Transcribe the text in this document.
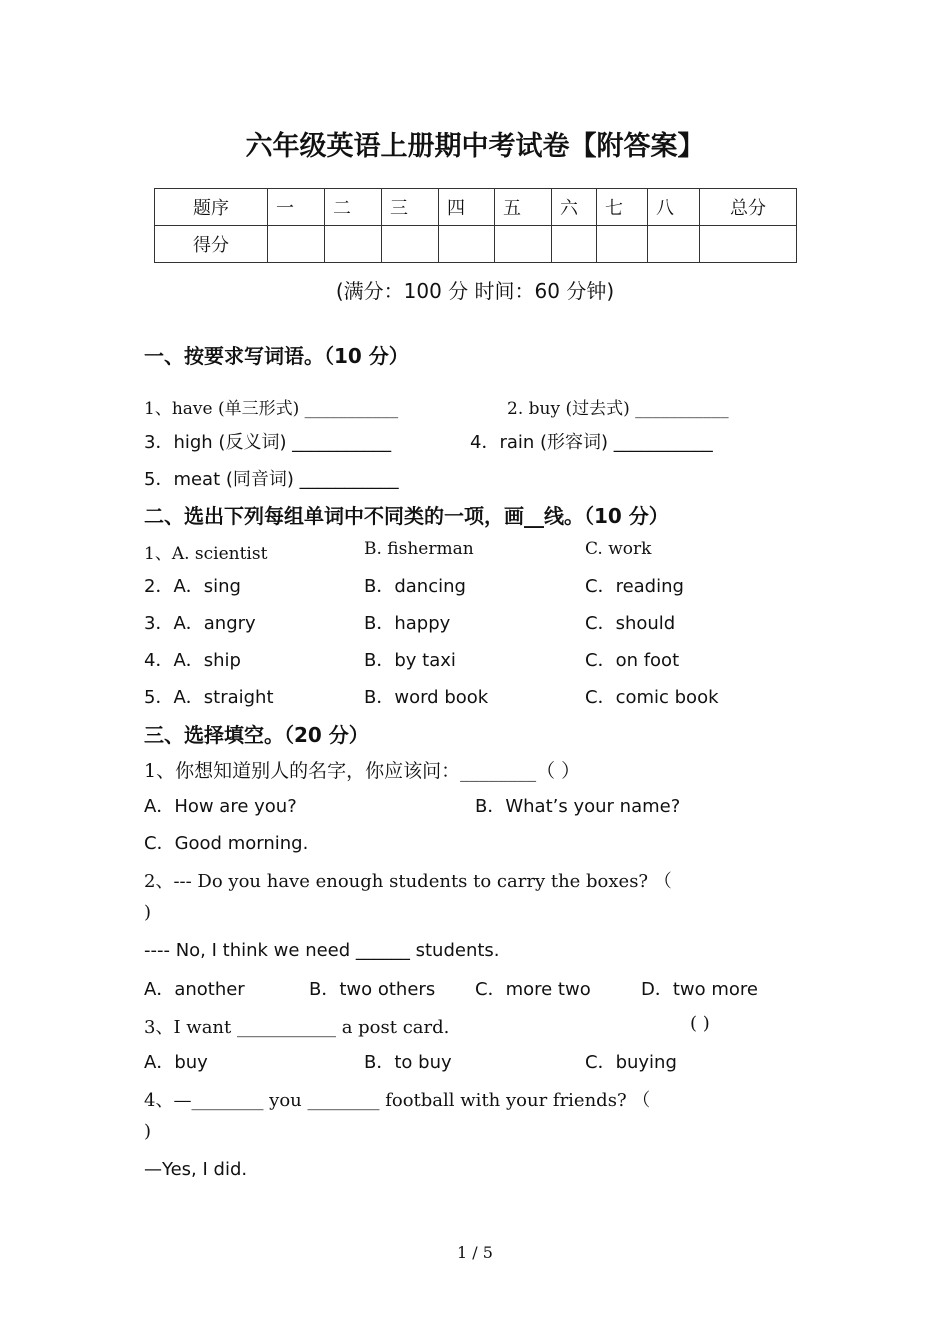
六年级英语上册期中考试卷【附答案】
题序	一	二	三	四	五	六	七	八	总分
得分									
(满分：100 分 时间：60 分钟)
一、按要求写词语。（10 分）
1、have (单三形式) ___________	2. buy (过去式) ___________
3．high (反义词) ___________	4．rain (形容词) ___________
5．meat (同音词) ___________
二、选出下列每组单词中不同类的一项，画__线。（10 分）
1、A. scientist	B. fisherman	C. work
2．A．sing	B．dancing	C．reading
3．A．angry	B．happy	C．should
4．A．ship	B．by taxi	C．on foot
5．A．straight	B．word book	C．comic book
三、选择填空。（20 分）
1、你想知道别人的名字，你应该问：________（ ）
A．How are you?	B．What’s your name?
C．Good morning.
2、--- Do you have enough students to carry the boxes? （
)
---- No, I think we need ______ students.
A．another	B．two others C．more two	D．two more
3、I want ___________ a post card.	( )
A．buy	B．to buy	C．buying
4、—________ you ________ football with your friends? （
)
—Yes, I did.
1 / 5
